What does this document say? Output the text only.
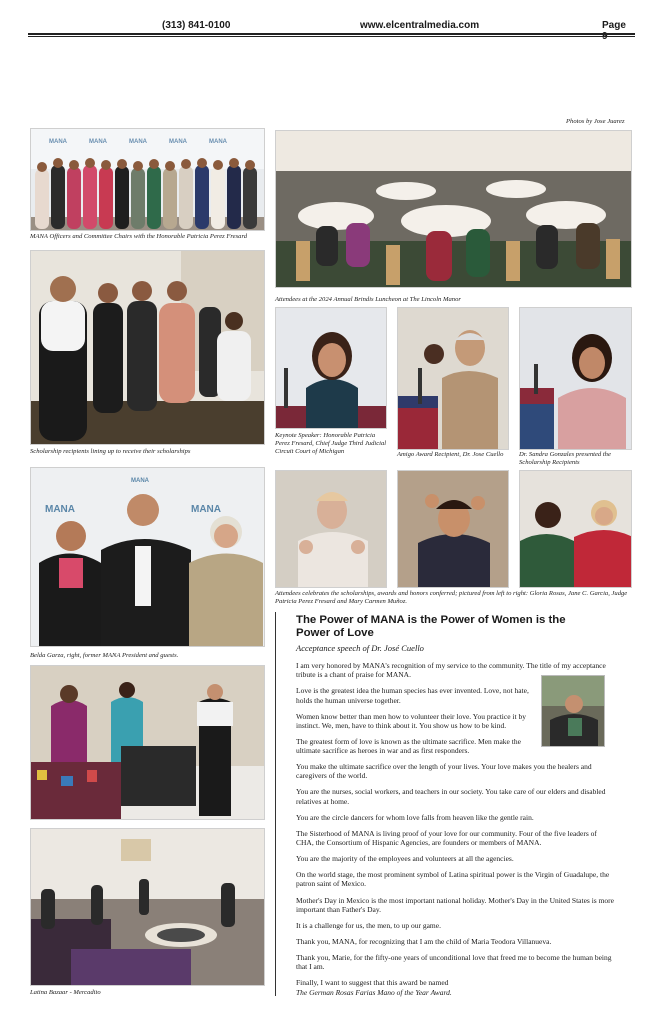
(313) 841-0100	www.elcentralmedia.com	Page
Photos by Jose Juarez
MANA	MANA	MANA	MANA	MANA
MANA Officers and Committee Chairs with the Honorable Patricia Perez Fresard
Attendees at the 2024 Annual Brindis Luncheon at The Lincoln Manor
Scholarship recipients lining up to receive their scholarships
Keynote Speaker: Honorable Patricia Perez Fresard, Chief Judge Third Judicial Circuit Court of Michigan	Amigo Award Recipient, Dr. Jose Cuello	Dr. Sandra Gonzales presented the Scholarship Recipients
MANA	MANA
MANA
Belda Garza, right, former MANA President and guests.
Attendees celebrates the scholarships, awards and honors conferred; pictured from left to right: Gloria Rosas, Jane C. Garcia, Judge Patricia Perez Fresard and Mary Carmen Muñoz.
Latina Bazaar - Mercadito
The Power of MANA is the Power of Women is the Power of Love
Acceptance speech of Dr. José Cuello

I am very honored by MANA's recognition of my service to the community. The title of my acceptance tribute is a chant of praise for MANA.

Love is the greatest idea the human species has ever invented. Love, not hate, holds the human universe together.

Women know better than men how to volunteer their love. You practice it by instinct. We, men, have to think about it. You show us how to be kind.

The greatest form of love is known as the ultimate sacrifice. Men make the ultimate sacrifice as heroes in war and as first responders.

You make the ultimate sacrifice over the length of your lives. Your love makes you the healers and caregivers of the world.

You are the nurses, social workers, and teachers in our society. You take care of our elders and disabled relatives at home.

You are the circle dancers for whom love falls from heaven like the gentle rain.

The Sisterhood of MANA is living proof of your love for our community. Four of the five leaders of CHA, the Consortium of Hispanic Agencies, are founders or members of MANA.

You are the majority of the employees and volunteers at all the agencies.

On the world stage, the most prominent symbol of Latina spiritual power is the Virgin of Guadalupe, the patron saint of Mexico.

Mother's Day in Mexico is the most important national holiday. Mother's Day in the United States is more important than Father's Day.

It is a challenge for us, the men, to up our game.

Thank you, MANA, for recognizing that I am the child of Maria Teodora Villanueva.

Thank you, Marie, for the fifty-one years of unconditional love that freed me to become the human being that I am.

Finally, I want to suggest that this award be named
The German Rosas Farias Mano of the Year Award.
